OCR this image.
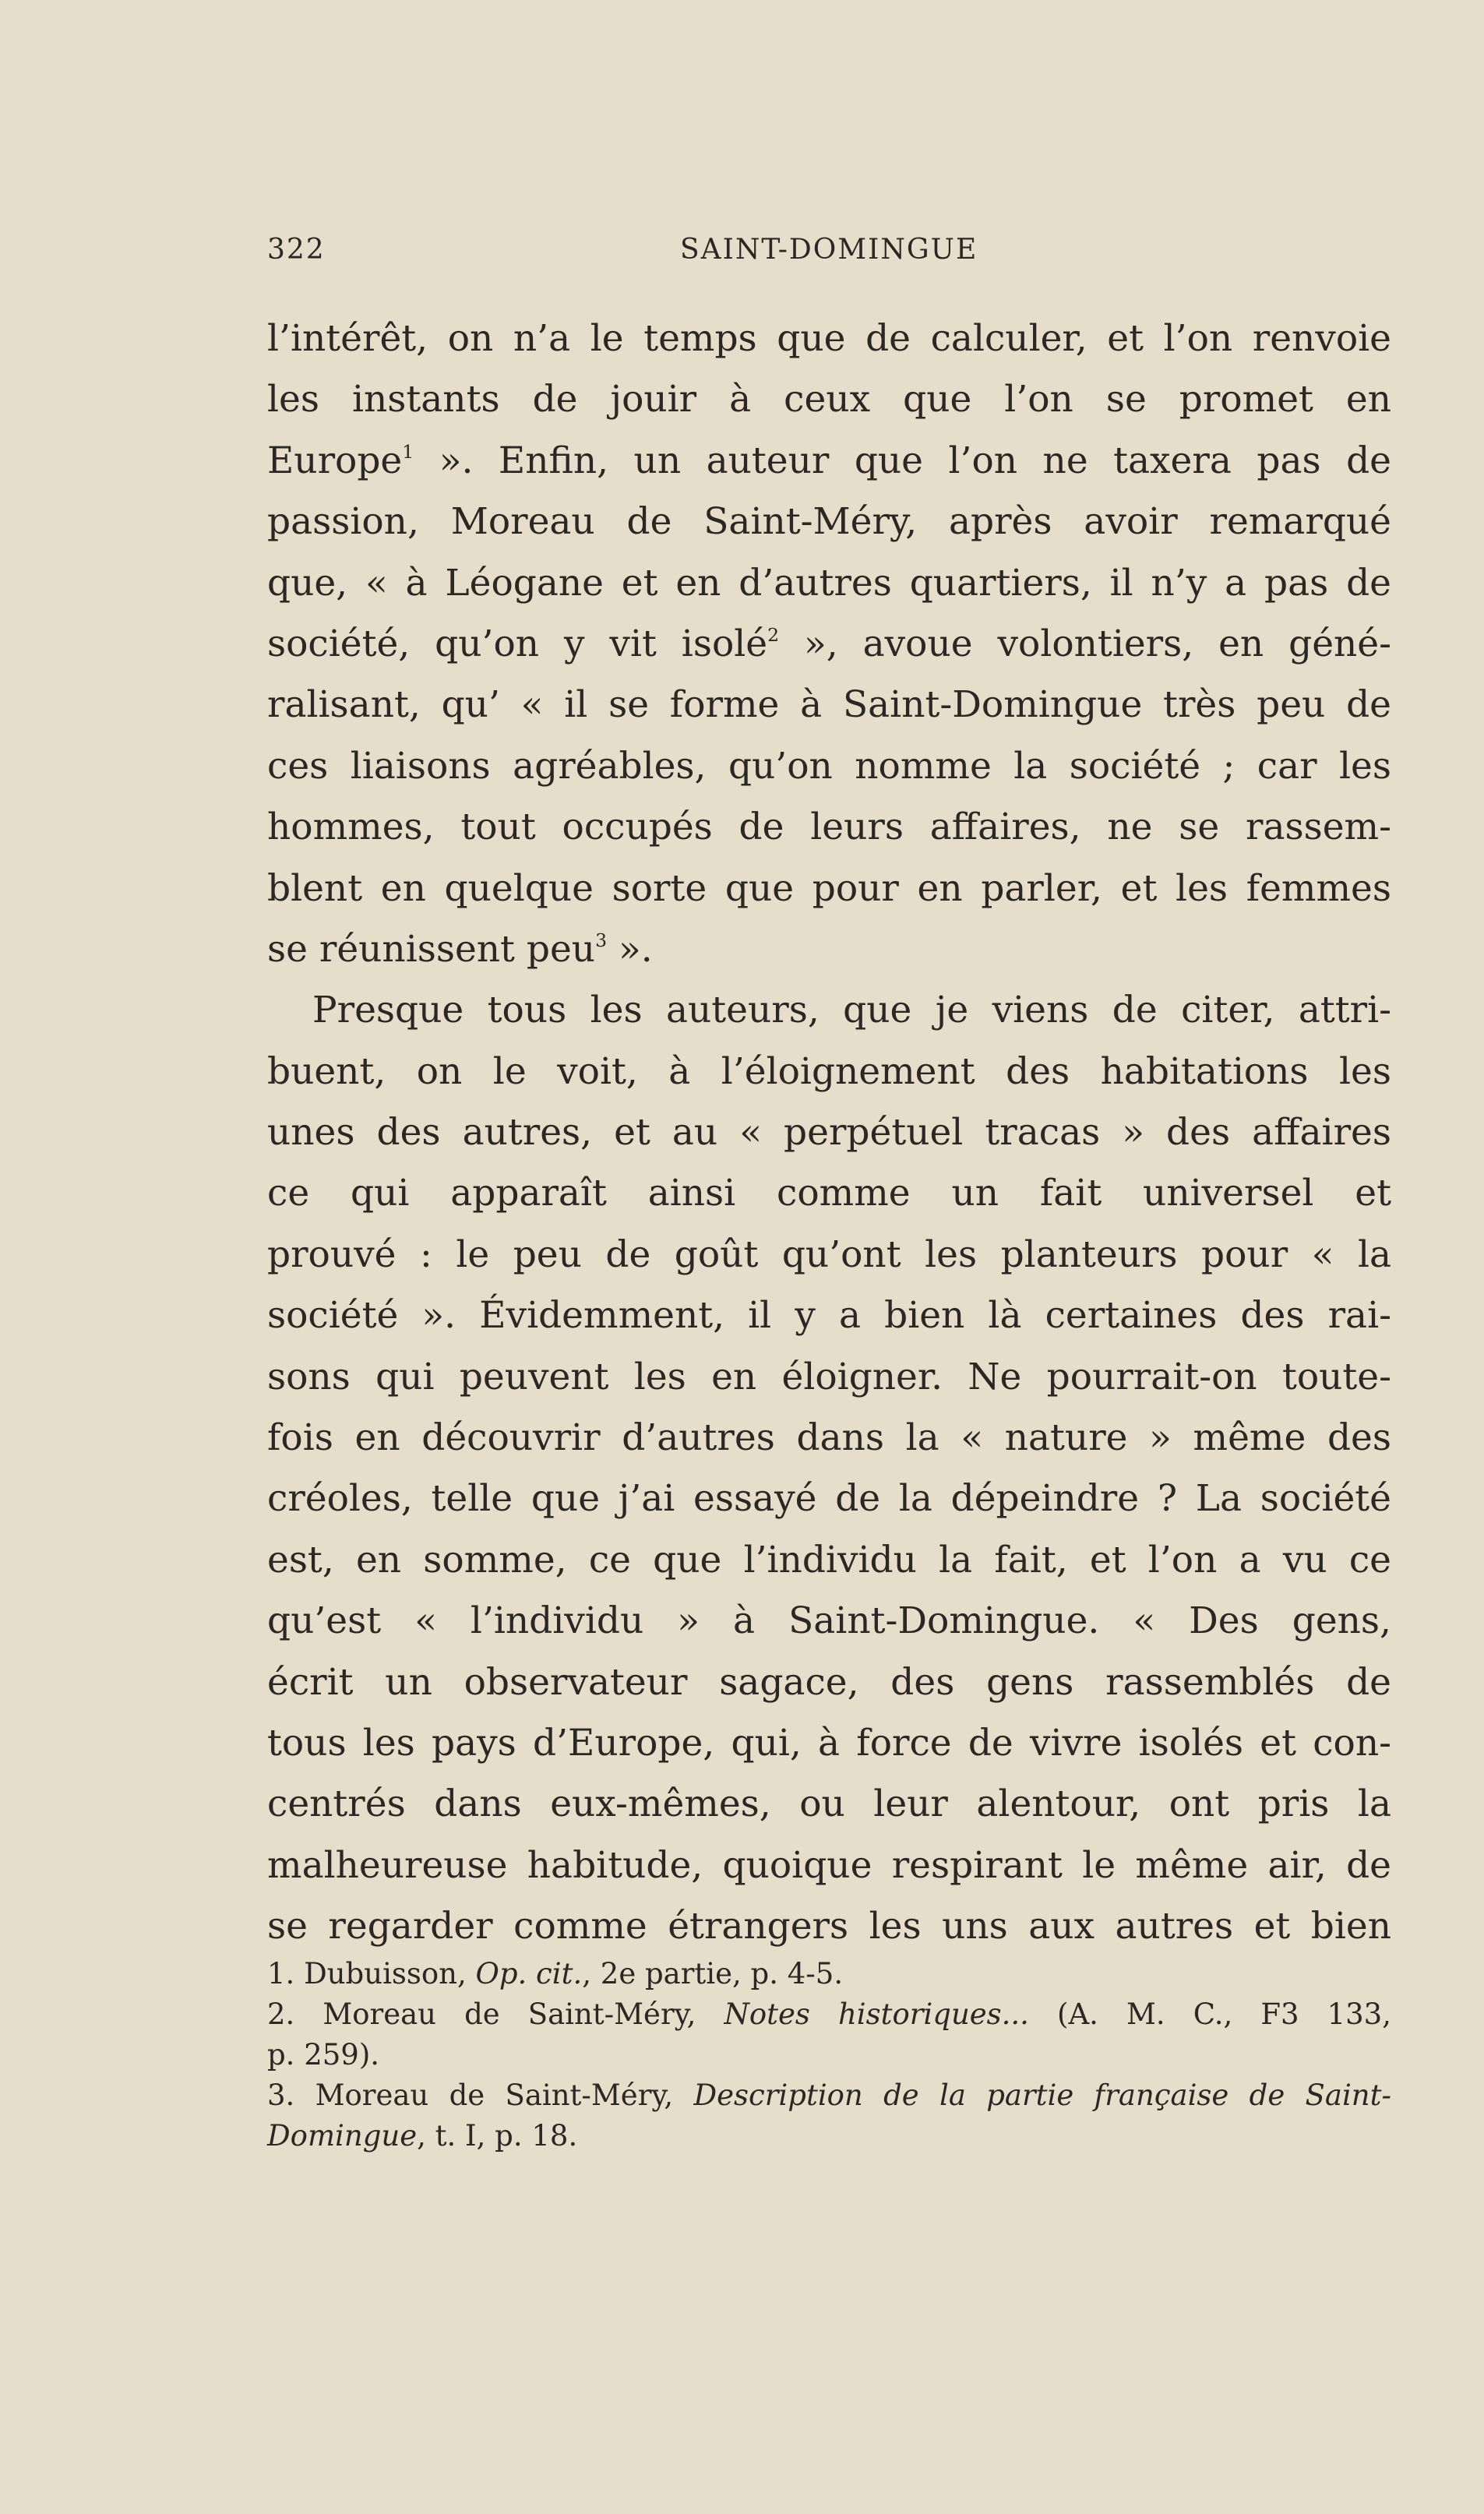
322	SAINT-DOMINGUE
l’intérêt, on n’a le temps que de calculer, et l’on renvoie
les instants de jouir à ceux que l’on se promet en
Europe$^1$ ». Enfin, un auteur que l’on ne taxera pas de
passion, Moreau de Saint-Méry, après avoir remarqué
que, « à Léogane et en d’autres quartiers, il n’y a pas de
société, qu’on y vit isolé$^2$ », avoue volontiers, en géné-
ralisant, qu’ « il se forme à Saint-Domingue très peu de
ces liaisons agréables, qu’on nomme la société ; car les
hommes, tout occupés de leurs affaires, ne se rassem-
blent en quelque sorte que pour en parler, et les femmes
se réunissent peu$^3$ ».
Presque tous les auteurs, que je viens de citer, attri-
buent, on le voit, à l’éloignement des habitations les
unes des autres, et au « perpétuel tracas » des affaires
ce qui apparaît ainsi comme un fait universel et
prouvé : le peu de goût qu’ont les planteurs pour « la
société ». Évidemment, il y a bien là certaines des rai-
sons qui peuvent les en éloigner. Ne pourrait-on toute-
fois en découvrir d’autres dans la « nature » même des
créoles, telle que j’ai essayé de la dépeindre ? La société
est, en somme, ce que l’individu la fait, et l’on a vu ce
qu’est « l’individu » à Saint-Domingue. « Des gens,
écrit un observateur sagace, des gens rassemblés de
tous les pays d’Europe, qui, à force de vivre isolés et con-
centrés dans eux-mêmes, ou leur alentour, ont pris la
malheureuse habitude, quoique respirant le même air, de
se regarder comme étrangers les uns aux autres et bien
1. Dubuisson, Op. cit., 2e partie, p. 4-5.
2. Moreau de Saint-Méry, Notes historiques... (A. M. C., F3 133,
p. 259).
3. Moreau de Saint-Méry, Description de la partie française de Saint-
Domingue, t. I, p. 18.
